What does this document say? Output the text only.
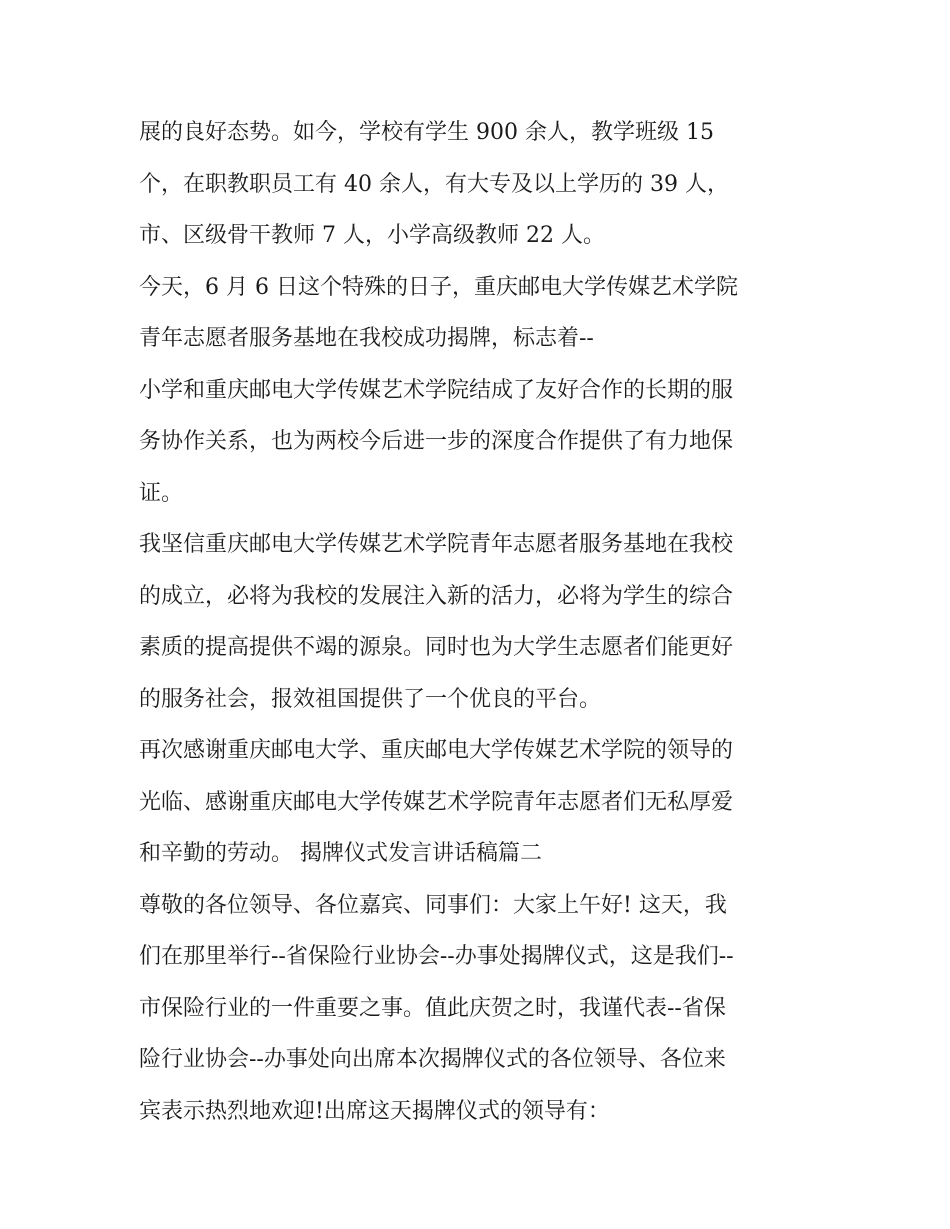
展的良好态势。如今，学校有学生 900 余人，教学班级 15
个，在职教职员工有 40 余人，有大专及以上学历的 39 人，
市、区级骨干教师 7 人，小学高级教师 22 人。
今天，6 月 6 日这个特殊的日子，重庆邮电大学传媒艺术学院
青年志愿者服务基地在我校成功揭牌，标志着--
小学和重庆邮电大学传媒艺术学院结成了友好合作的长期的服
务协作关系，也为两校今后进一步的深度合作提供了有力地保
证。
我坚信重庆邮电大学传媒艺术学院青年志愿者服务基地在我校
的成立，必将为我校的发展注入新的活力，必将为学生的综合
素质的提高提供不竭的源泉。同时也为大学生志愿者们能更好
的服务社会，报效祖国提供了一个优良的平台。
再次感谢重庆邮电大学、重庆邮电大学传媒艺术学院的领导的
光临、感谢重庆邮电大学传媒艺术学院青年志愿者们无私厚爱
和辛勤的劳动。 揭牌仪式发言讲话稿篇二
尊敬的各位领导、各位嘉宾、同事们：大家上午好! 这天，我
们在那里举行--省保险行业协会--办事处揭牌仪式，这是我们--
市保险行业的一件重要之事。值此庆贺之时，我谨代表--省保
险行业协会--办事处向出席本次揭牌仪式的各位领导、各位来
宾表示热烈地欢迎!出席这天揭牌仪式的领导有：
